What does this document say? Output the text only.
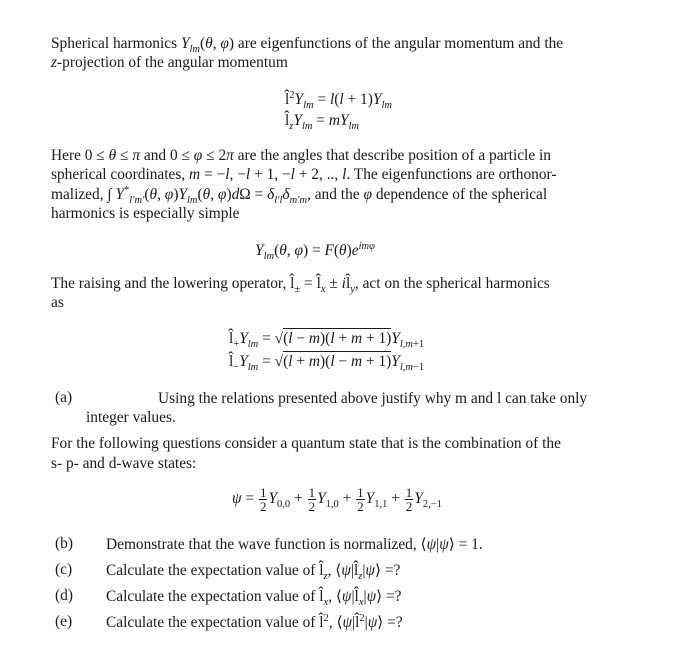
Spherical harmonics $Y_{lm}(\theta$, φ) are eigenfunctions of the angular momentum and the
z-projection of the angular momentum
$l̂^2Y_{lm} = l(l + 1)Y_{lm}$
$l̂_zY_{lm} = mY_{lm}$
Here 0 ≤ θ ≤ π and 0 ≤ φ ≤ 2π are the angles that describe position of a particle in
spherical coordinates, m = −l, −l + 1, −l + 2, .., l. The eigenfunctions are orthonor-
malized, ∫ $Y^*_{l'm'}(\theta$, $\varphi)Y_{lm}(\theta$, $\varphi)d\Omega = \delta_{l'l}\delta_{m'm}$, and the φ dependence of the spherical
harmonics is especially simple
$Y_{lm}(\theta$, $\varphi) = F(\theta)e^{im\varphi}$
The raising and the lowering operator, $l̂_\pm$ = $l̂_x$ ± $il̂_y$, act on the spherical harmonics
as
$l̂_+Y_{lm} = √(l - m)(l + m + 1)Y_{l,m+1}$
$l̂_-Y_{lm} = √(l + m)(l - m + 1)Y_{l,m-1}$
(a)	Using the relations presented above justify why m and l can take only
integer values.
For the following questions consider a quantum state that is the combination of the
s- p- and d-wave states:
$\psi = \frac{1}{2} Y_{0,0} + \frac{1}{2} Y_{1,0} + \frac{1}{2} Y_{1,1} + \frac{1}{2} Y_{2,-1}$
(b) Demonstrate that the wave function is normalized, ⟨ψ|ψ⟩ = 1.
(c) Calculate the expectation value of $l̂_z$, $⟨\psi|l̂_z|\psi⟩$ =?
(d) Calculate the expectation value of $l̂_x$, $⟨\psi|l̂_x|\psi⟩$ =?
(e) Calculate the expectation value of l̂$^2$, ⟨ψ|l̂$^2$|ψ⟩ =?
